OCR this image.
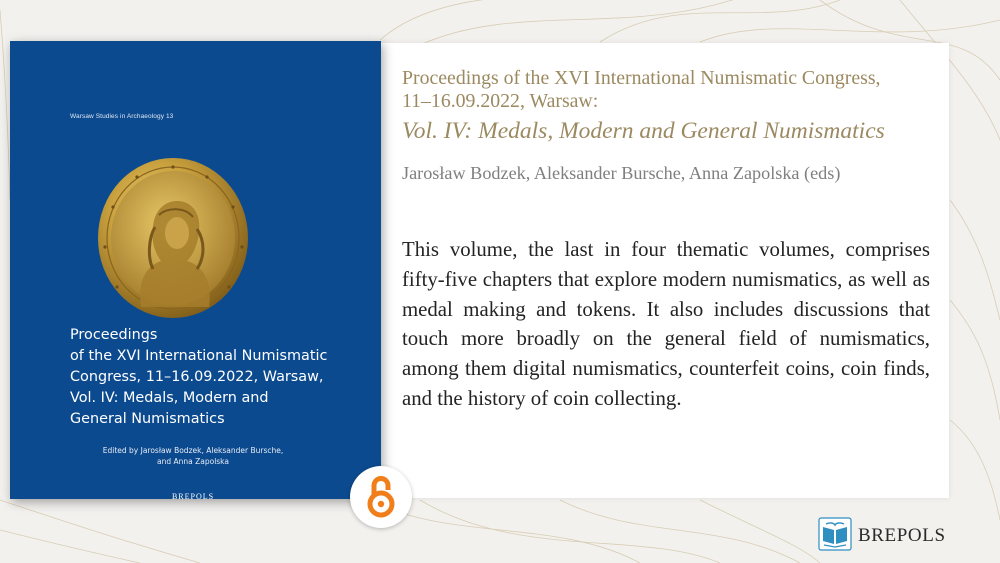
Warsaw Studies in Archaeology 13
Proceedings
of the XVI International Numismatic
Congress, 11–16.09.2022, Warsaw,
Vol. IV: Medals, Modern and
General Numismatics
Edited by Jarosław Bodzek, Aleksander Bursche,
and Anna Zapolska
BREPOLS
Proceedings of the XVI International Numismatic Congress,
11–16.09.2022, Warsaw:
Vol. IV: Medals, Modern and General Numismatics
Jarosław Bodzek, Aleksander Bursche, Anna Zapolska (eds)
This volume, the last in four thematic volumes, comprises fifty-five chapters that explore modern numismatics, as well as medal making and tokens. It also includes discussions that touch more broadly on the general field of numismatics, among them digital numismatics, counterfeit coins, coin finds, and the history of coin collecting.
BREPOLS
